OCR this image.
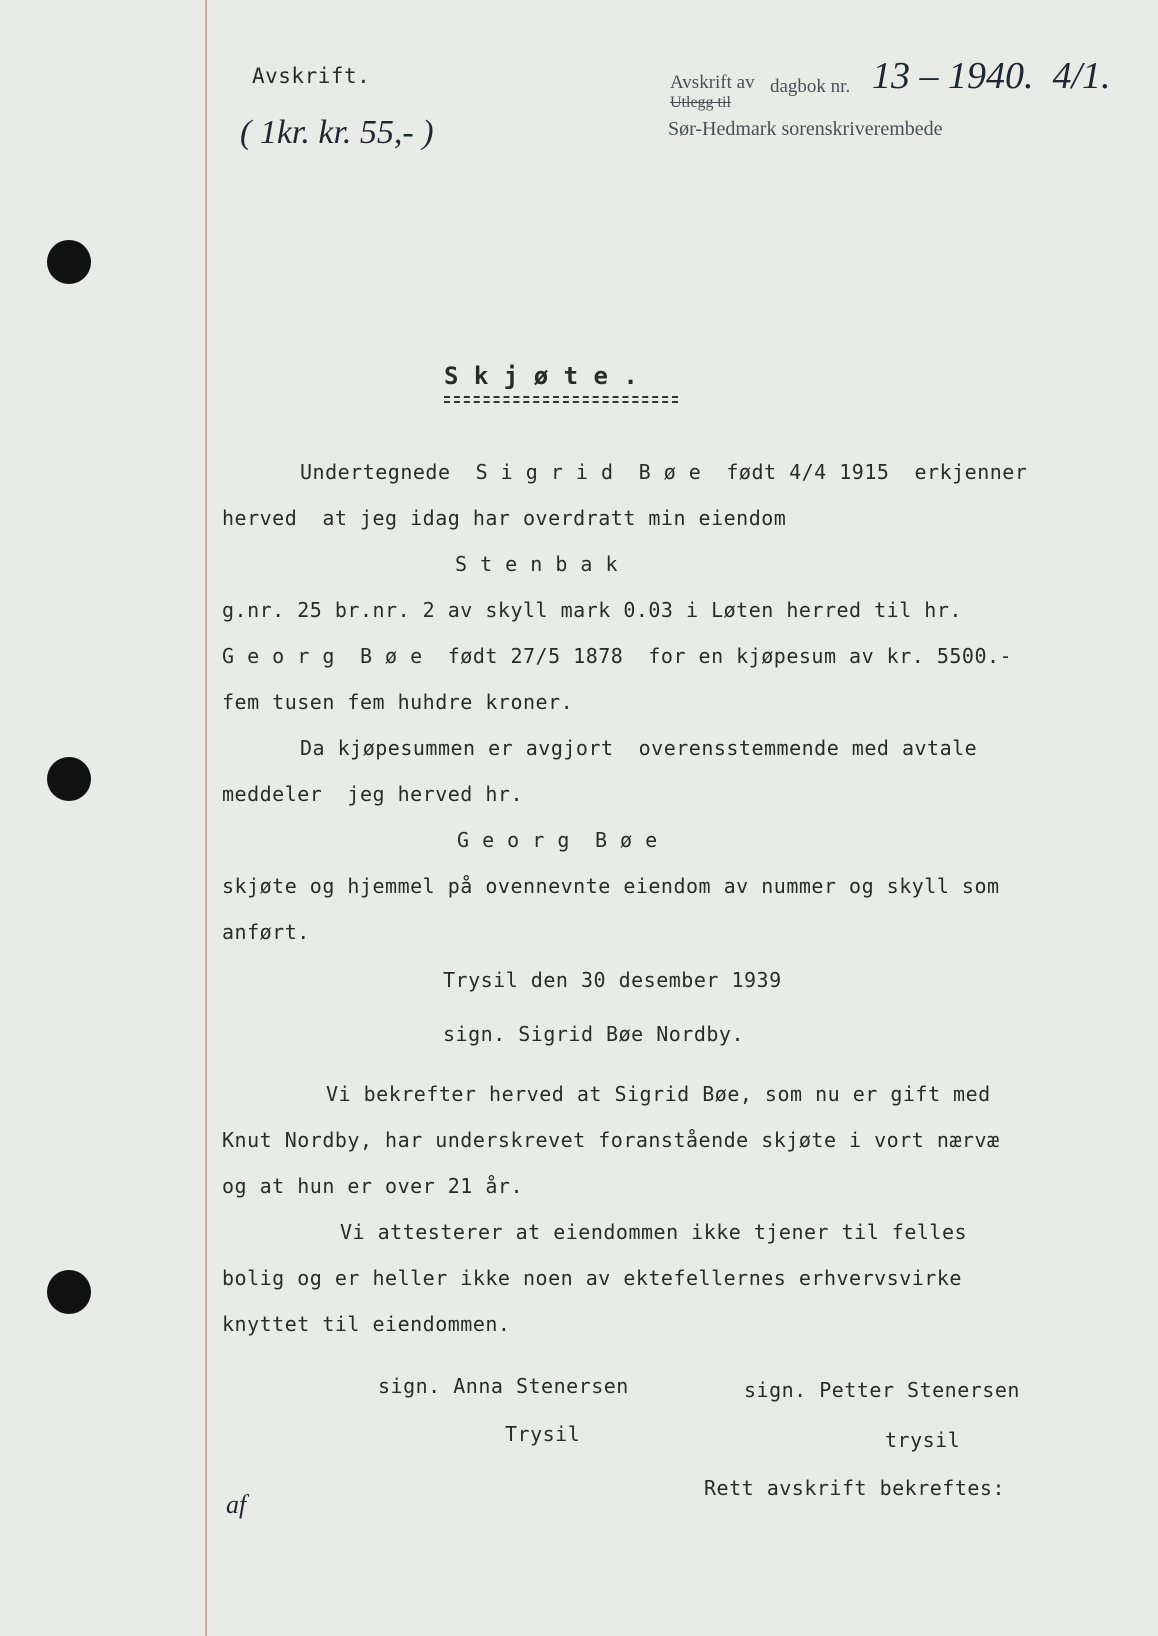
Avskrift.
( 1kr. kr. 55,- )
Avskrift av dagbok nr. 13 – 1940.  4/1.
Utlegg til
Sør-Hedmark sorenskriverembede
S k j ø t e .
Undertegnede  S i g r i d  B ø e  født 4/4 1915  erkjenner
herved  at jeg idag har overdratt min eiendom
S t e n b a k
g.nr. 25 br.nr. 2 av skyll mark 0.03 i Løten herred til hr.
G e o r g  B ø e  født 27/5 1878  for en kjøpesum av kr. 5500.-
fem tusen fem huhdre kroner.
Da kjøpesummen er avgjort  overensstemmende med avtale
meddeler  jeg herved hr.
G e o r g  B ø e
skjøte og hjemmel på ovennevnte eiendom av nummer og skyll som
anført.
Trysil den 30 desember 1939
sign. Sigrid Bøe Nordby.
Vi bekrefter herved at Sigrid Bøe, som nu er gift med
Knut Nordby, har underskrevet foranstående skjøte i vort nærvæ
og at hun er over 21 år.
Vi attesterer at eiendommen ikke tjener til felles
bolig og er heller ikke noen av ektefellernes erhvervsvirke
knyttet til eiendommen.
sign. Anna Stenersen
Trysil
sign. Petter Stenersen
trysil
Rett avskrift bekreftes:
af
